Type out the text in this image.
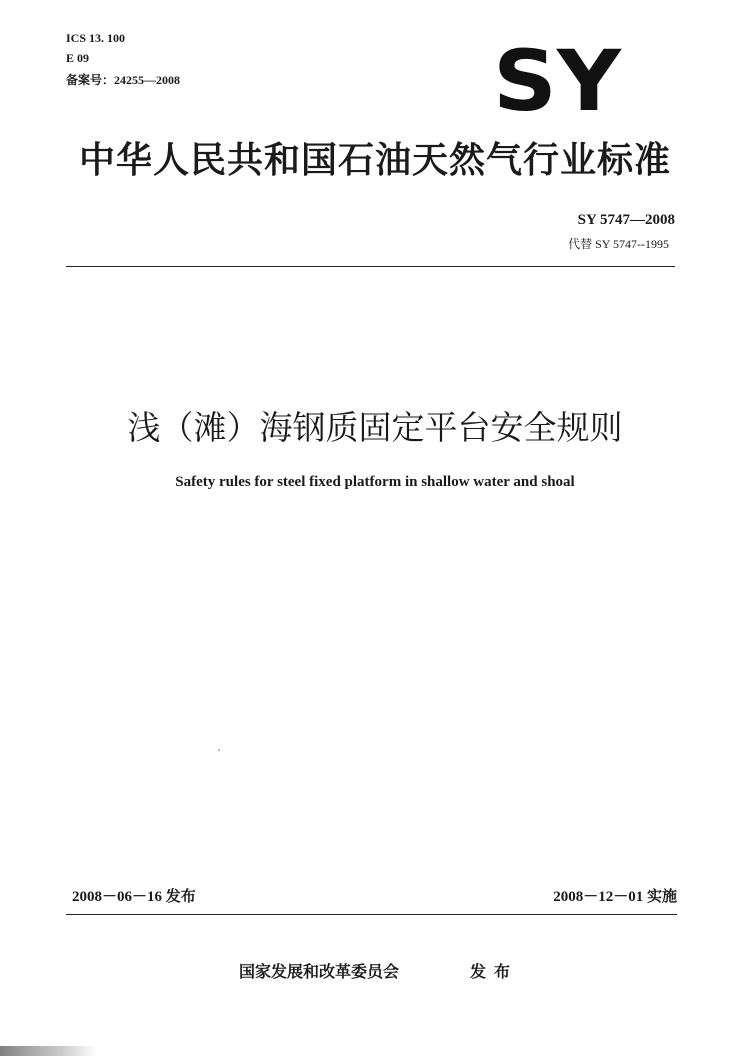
ICS 13. 100
E 09
备案号：24255—2008	SY
中华人民共和国石油天然气行业标准
SY 5747—2008
代替 SY 5747--1995
浅（滩）海钢质固定平台安全规则
Safety rules for steel fixed platform in shallow water and shoal
2008－06－16 发布	2008－12－01 实施
国家发展和改革委员会	发布
